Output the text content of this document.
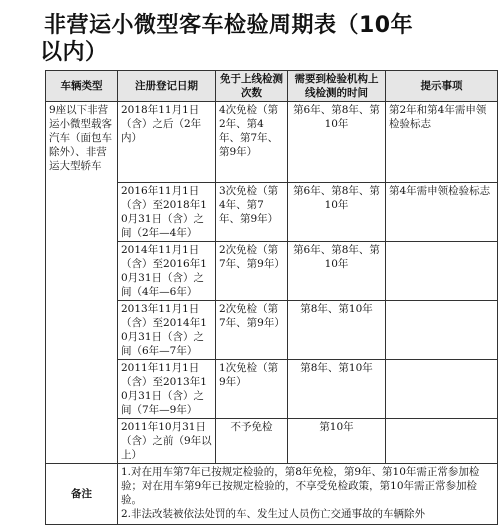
非营运小微型客车检验周期表（10年
以内）
车辆类型	注册登记日期	免于上线检测次数	需要到检验机构上线检测的时间	提示事项
9座以下非营运小微型载客汽车（面包车除外）、非营运大型轿车	2018年11月1日（含）之后（2年内）	4次免检（第2年、第4年、第7年、第9年）	第6年、第8年、第10年	第2年和第4年需申领检验标志
	2016年11月1日（含）至2018年10月31日（含）之间（2年—4年）	3次免检（第4年、第7年、第9年）	第6年、第8年、第10年	第4年需申领检验标志
	2014年11月1日（含）至2016年10月31日（含）之间（4年—6年）	2次免检（第7年、第9年）	第6年、第8年、第10年	
	2013年11月1日（含）至2014年10月31日（含）之间（6年—7年）	2次免检（第7年、第9年）	第8年、第10年	
	2011年11月1日（含）至2013年10月31日（含）之间（7年—9年）	1次免检（第9年）	第8年、第10年	
	2011年10月31日（含）之前（9年以上）	不予免检	第10年	
备注	1.对在用车第7年已按规定检验的，第8年免检，第9年、第10年需正常参加检验；对在用车第9年已按规定检验的，不享受免检政策，第10年需正常参加检验。
2.非法改装被依法处罚的车、发生过人员伤亡交通事故的车辆除外			
